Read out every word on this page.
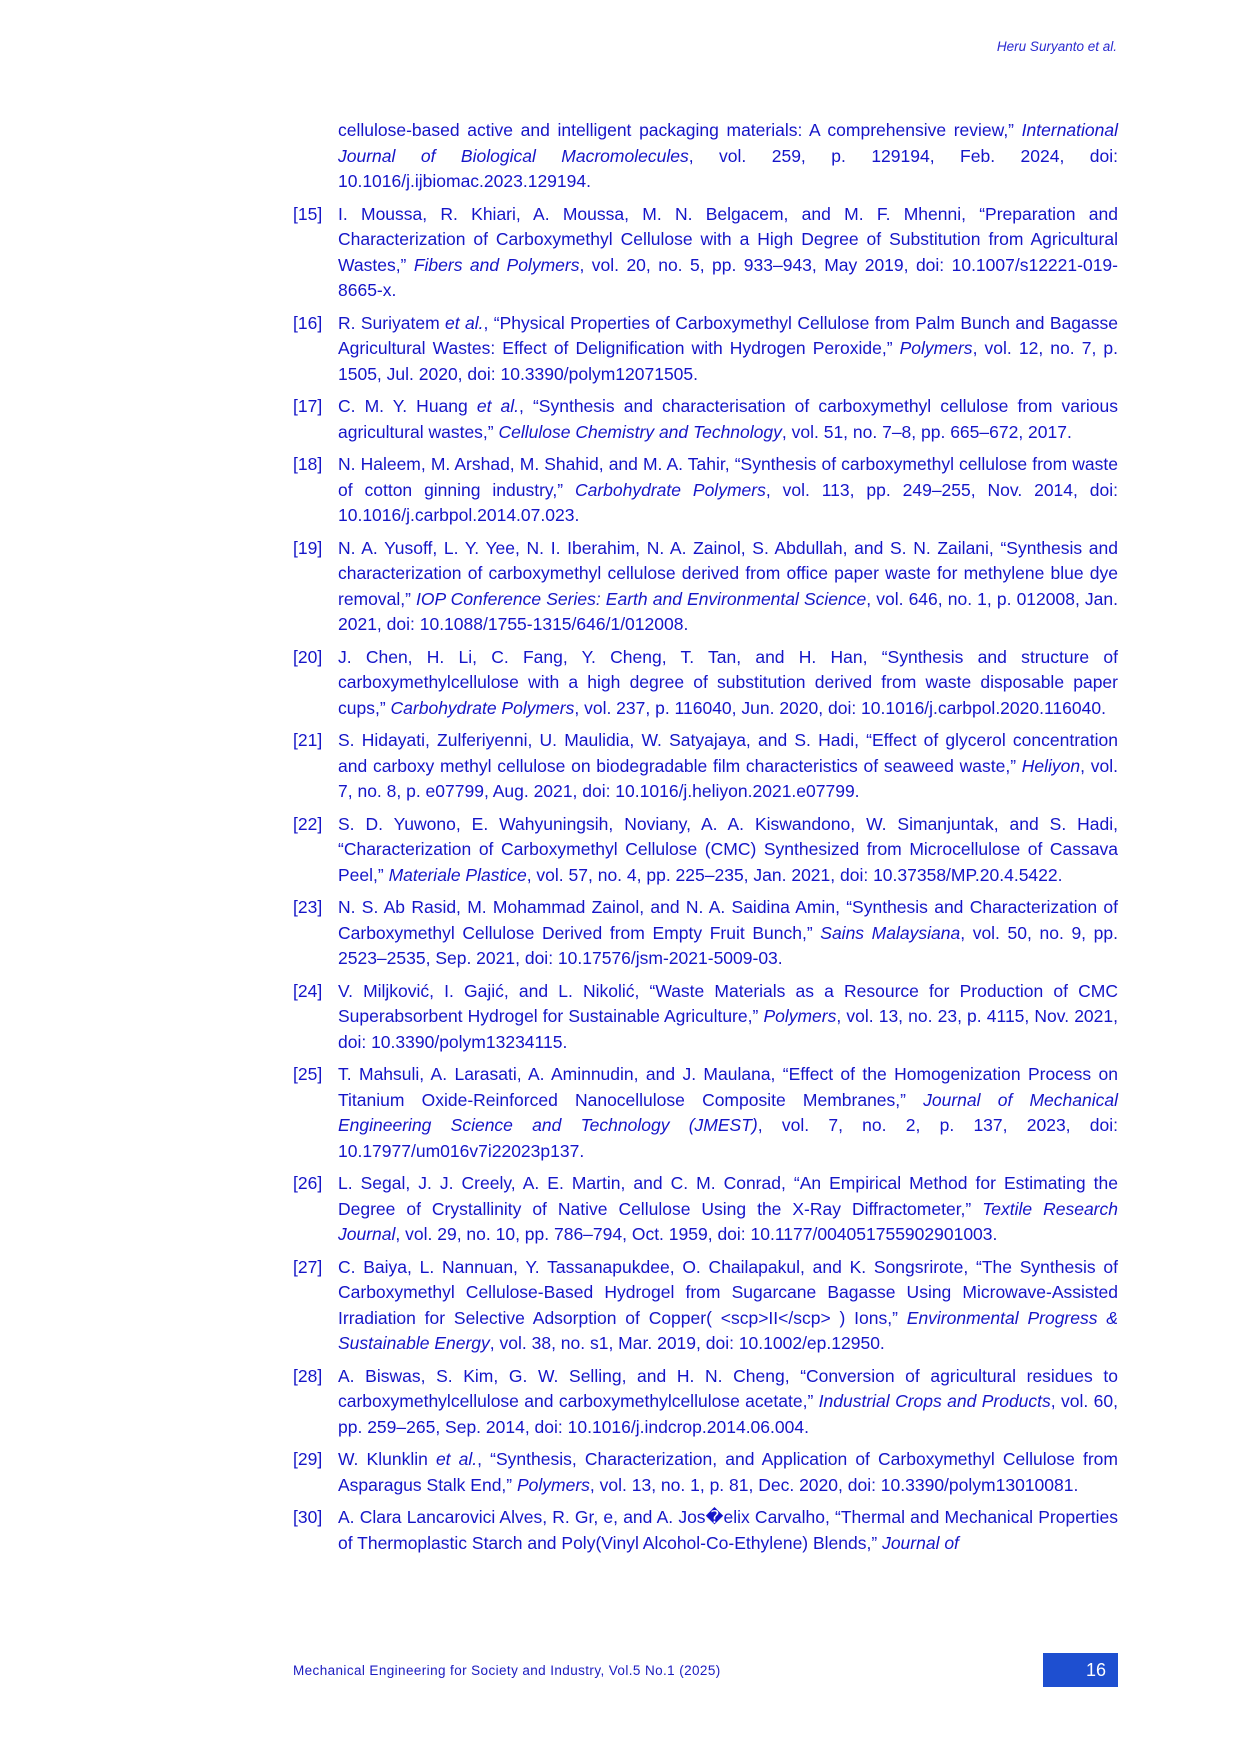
Heru Suryanto et al.
cellulose-based active and intelligent packaging materials: A comprehensive review,” International Journal of Biological Macromolecules, vol. 259, p. 129194, Feb. 2024, doi: 10.1016/j.ijbiomac.2023.129194.
[15] I. Moussa, R. Khiari, A. Moussa, M. N. Belgacem, and M. F. Mhenni, “Preparation and Characterization of Carboxymethyl Cellulose with a High Degree of Substitution from Agricultural Wastes,” Fibers and Polymers, vol. 20, no. 5, pp. 933–943, May 2019, doi: 10.1007/s12221-019-8665-x.
[16] R. Suriyatem et al., “Physical Properties of Carboxymethyl Cellulose from Palm Bunch and Bagasse Agricultural Wastes: Effect of Delignification with Hydrogen Peroxide,” Polymers, vol. 12, no. 7, p. 1505, Jul. 2020, doi: 10.3390/polym12071505.
[17] C. M. Y. Huang et al., “Synthesis and characterisation of carboxymethyl cellulose from various agricultural wastes,” Cellulose Chemistry and Technology, vol. 51, no. 7–8, pp. 665–672, 2017.
[18] N. Haleem, M. Arshad, M. Shahid, and M. A. Tahir, “Synthesis of carboxymethyl cellulose from waste of cotton ginning industry,” Carbohydrate Polymers, vol. 113, pp. 249–255, Nov. 2014, doi: 10.1016/j.carbpol.2014.07.023.
[19] N. A. Yusoff, L. Y. Yee, N. I. Iberahim, N. A. Zainol, S. Abdullah, and S. N. Zailani, “Synthesis and characterization of carboxymethyl cellulose derived from office paper waste for methylene blue dye removal,” IOP Conference Series: Earth and Environmental Science, vol. 646, no. 1, p. 012008, Jan. 2021, doi: 10.1088/1755-1315/646/1/012008.
[20] J. Chen, H. Li, C. Fang, Y. Cheng, T. Tan, and H. Han, “Synthesis and structure of carboxymethylcellulose with a high degree of substitution derived from waste disposable paper cups,” Carbohydrate Polymers, vol. 237, p. 116040, Jun. 2020, doi: 10.1016/j.carbpol.2020.116040.
[21] S. Hidayati, Zulferiyenni, U. Maulidia, W. Satyajaya, and S. Hadi, “Effect of glycerol concentration and carboxy methyl cellulose on biodegradable film characteristics of seaweed waste,” Heliyon, vol. 7, no. 8, p. e07799, Aug. 2021, doi: 10.1016/j.heliyon.2021.e07799.
[22] S. D. Yuwono, E. Wahyuningsih, Noviany, A. A. Kiswandono, W. Simanjuntak, and S. Hadi, “Characterization of Carboxymethyl Cellulose (CMC) Synthesized from Microcellulose of Cassava Peel,” Materiale Plastice, vol. 57, no. 4, pp. 225–235, Jan. 2021, doi: 10.37358/MP.20.4.5422.
[23] N. S. Ab Rasid, M. Mohammad Zainol, and N. A. Saidina Amin, “Synthesis and Characterization of Carboxymethyl Cellulose Derived from Empty Fruit Bunch,” Sains Malaysiana, vol. 50, no. 9, pp. 2523–2535, Sep. 2021, doi: 10.17576/jsm-2021-5009-03.
[24] V. Miljković, I. Gajić, and L. Nikolić, “Waste Materials as a Resource for Production of CMC Superabsorbent Hydrogel for Sustainable Agriculture,” Polymers, vol. 13, no. 23, p. 4115, Nov. 2021, doi: 10.3390/polym13234115.
[25] T. Mahsuli, A. Larasati, A. Aminnudin, and J. Maulana, “Effect of the Homogenization Process on Titanium Oxide-Reinforced Nanocellulose Composite Membranes,” Journal of Mechanical Engineering Science and Technology (JMEST), vol. 7, no. 2, p. 137, 2023, doi: 10.17977/um016v7i22023p137.
[26] L. Segal, J. J. Creely, A. E. Martin, and C. M. Conrad, “An Empirical Method for Estimating the Degree of Crystallinity of Native Cellulose Using the X-Ray Diffractometer,” Textile Research Journal, vol. 29, no. 10, pp. 786–794, Oct. 1959, doi: 10.1177/004051755902901003.
[27] C. Baiya, L. Nannuan, Y. Tassanapukdee, O. Chailapakul, and K. Songsrirote, “The Synthesis of Carboxymethyl Cellulose-Based Hydrogel from Sugarcane Bagasse Using Microwave-Assisted Irradiation for Selective Adsorption of Copper( <scp>II</scp> ) Ions,” Environmental Progress & Sustainable Energy, vol. 38, no. s1, Mar. 2019, doi: 10.1002/ep.12950.
[28] A. Biswas, S. Kim, G. W. Selling, and H. N. Cheng, “Conversion of agricultural residues to carboxymethylcellulose and carboxymethylcellulose acetate,” Industrial Crops and Products, vol. 60, pp. 259–265, Sep. 2014, doi: 10.1016/j.indcrop.2014.06.004.
[29] W. Klunklin et al., “Synthesis, Characterization, and Application of Carboxymethyl Cellulose from Asparagus Stalk End,” Polymers, vol. 13, no. 1, p. 81, Dec. 2020, doi: 10.3390/polym13010081.
[30] A. Clara Lancarovici Alves, R. Gr, e, and A. Jos�elix Carvalho, “Thermal and Mechanical Properties of Thermoplastic Starch and Poly(Vinyl Alcohol-Co-Ethylene) Blends,” Journal of
Mechanical Engineering for Society and Industry, Vol.5 No.1 (2025)	16
